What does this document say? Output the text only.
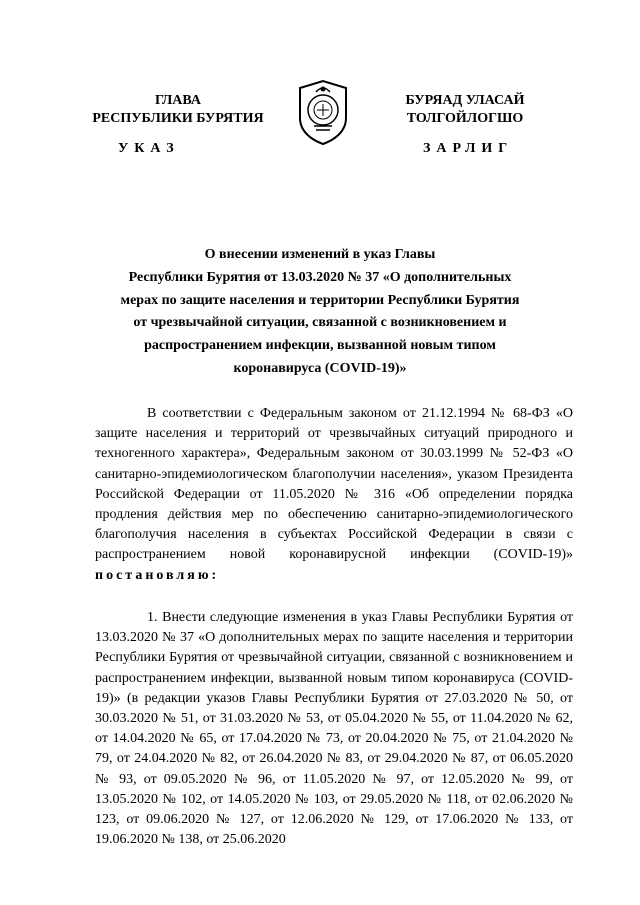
ГЛАВА
РЕСПУБЛИКИ БУРЯТИЯ
БУРЯАД УЛАСАЙ
ТОЛГОЙЛОГШО
УКАЗ	ЗАРЛИГ
О внесении изменений в указ Главы
Республики Бурятия от 13.03.2020 № 37 «О дополнительных
мерах по защите населения и территории Республики Бурятия
от чрезвычайной ситуации, связанной с возникновением и
распространением инфекции, вызванной новым типом
коронавируса (COVID-19)»
В соответствии с Федеральным законом от 21.12.1994 № 68-ФЗ «О защите населения и территорий от чрезвычайных ситуаций природного и техногенного характера», Федеральным законом от 30.03.1999 № 52-ФЗ «О санитарно-эпидемиологическом благополучии населения», указом Президента Российской Федерации от 11.05.2020 № 316 «Об определении порядка продления действия мер по обеспечению санитарно-эпидемиологического благополучия населения в субъектах Российской Федерации в связи с распространением новой коронавирусной инфекции (COVID-19)» постановляю:
1. Внести следующие изменения в указ Главы Республики Бурятия от 13.03.2020 № 37 «О дополнительных мерах по защите населения и территории Республики Бурятия от чрезвычайной ситуации, связанной с возникновением и распространением инфекции, вызванной новым типом коронавируса (COVID-19)» (в редакции указов Главы Республики Бурятия от 27.03.2020 № 50, от 30.03.2020 № 51, от 31.03.2020 № 53, от 05.04.2020 № 55, от 11.04.2020 № 62, от 14.04.2020 № 65, от 17.04.2020 № 73, от 20.04.2020 № 75, от 21.04.2020 № 79, от 24.04.2020 № 82, от 26.04.2020 № 83, от 29.04.2020 № 87, от 06.05.2020 № 93, от 09.05.2020 № 96, от 11.05.2020 № 97, от 12.05.2020 № 99, от 13.05.2020 № 102, от 14.05.2020 № 103, от 29.05.2020 № 118, от 02.06.2020 № 123, от 09.06.2020 № 127, от 12.06.2020 № 129, от 17.06.2020 № 133, от 19.06.2020 № 138, от 25.06.2020
